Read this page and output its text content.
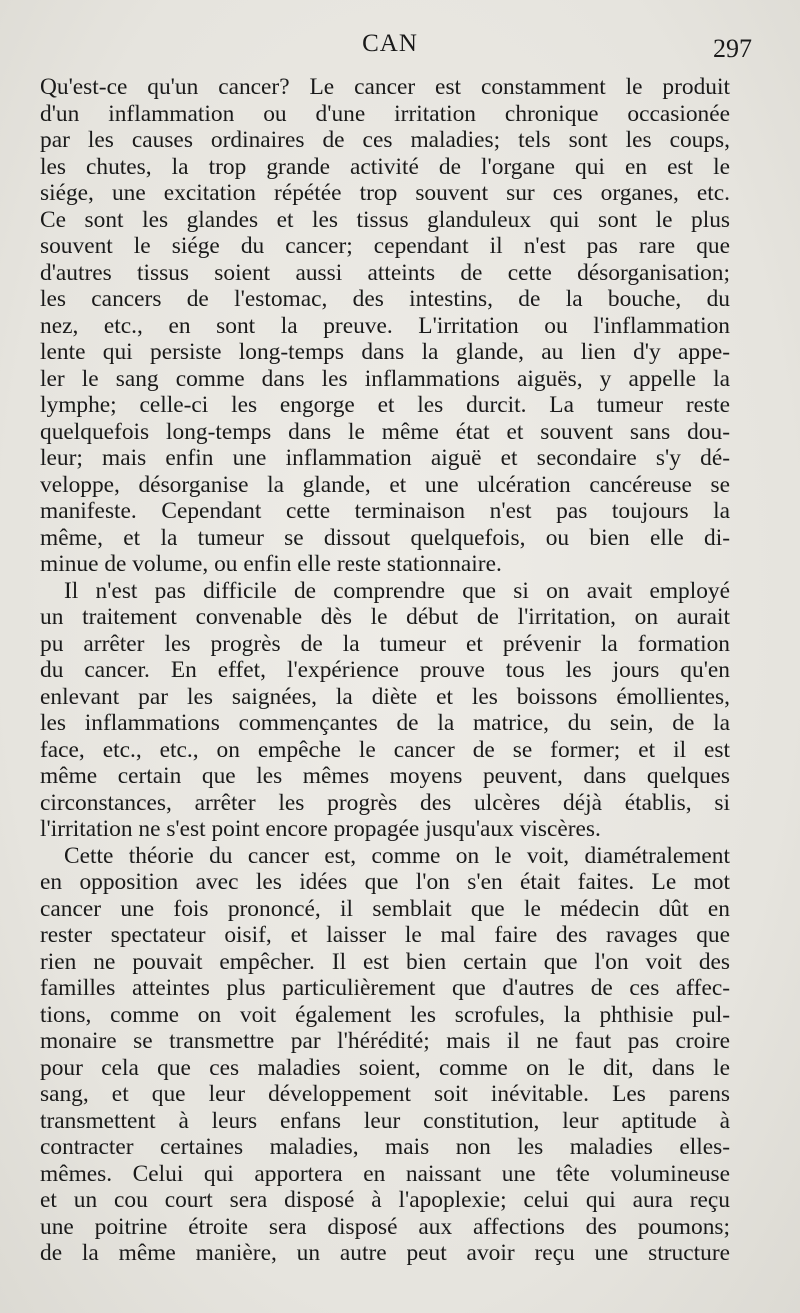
CAN	297
Qu'est-ce qu'un cancer? Le cancer est constamment le produit
d'un inflammation ou d'une irritation chronique occasionée
par les causes ordinaires de ces maladies; tels sont les coups,
les chutes, la trop grande activité de l'organe qui en est le
siége, une excitation répétée trop souvent sur ces organes, etc.
Ce sont les glandes et les tissus glanduleux qui sont le plus
souvent le siége du cancer; cependant il n'est pas rare que
d'autres tissus soient aussi atteints de cette désorganisation;
les cancers de l'estomac, des intestins, de la bouche, du
nez, etc., en sont la preuve. L'irritation ou l'inflammation
lente qui persiste long-temps dans la glande, au lien d'y appe-
ler le sang comme dans les inflammations aiguës, y appelle la
lymphe; celle-ci les engorge et les durcit. La tumeur reste
quelquefois long-temps dans le même état et souvent sans dou-
leur; mais enfin une inflammation aiguë et secondaire s'y dé-
veloppe, désorganise la glande, et une ulcération cancéreuse se
manifeste. Cependant cette terminaison n'est pas toujours la
même, et la tumeur se dissout quelquefois, ou bien elle di-
minue de volume, ou enfin elle reste stationnaire.
Il n'est pas difficile de comprendre que si on avait employé
un traitement convenable dès le début de l'irritation, on aurait
pu arrêter les progrès de la tumeur et prévenir la formation
du cancer. En effet, l'expérience prouve tous les jours qu'en
enlevant par les saignées, la diète et les boissons émollientes,
les inflammations commençantes de la matrice, du sein, de la
face, etc., etc., on empêche le cancer de se former; et il est
même certain que les mêmes moyens peuvent, dans quelques
circonstances, arrêter les progrès des ulcères déjà établis, si
l'irritation ne s'est point encore propagée jusqu'aux viscères.
Cette théorie du cancer est, comme on le voit, diamétralement
en opposition avec les idées que l'on s'en était faites. Le mot
cancer une fois prononcé, il semblait que le médecin dût en
rester spectateur oisif, et laisser le mal faire des ravages que
rien ne pouvait empêcher. Il est bien certain que l'on voit des
familles atteintes plus particulièrement que d'autres de ces affec-
tions, comme on voit également les scrofules, la phthisie pul-
monaire se transmettre par l'hérédité; mais il ne faut pas croire
pour cela que ces maladies soient, comme on le dit, dans le
sang, et que leur développement soit inévitable. Les parens
transmettent à leurs enfans leur constitution, leur aptitude à
contracter certaines maladies, mais non les maladies elles-
mêmes. Celui qui apportera en naissant une tête volumineuse
et un cou court sera disposé à l'apoplexie; celui qui aura reçu
une poitrine étroite sera disposé aux affections des poumons;
de la même manière, un autre peut avoir reçu une structure
